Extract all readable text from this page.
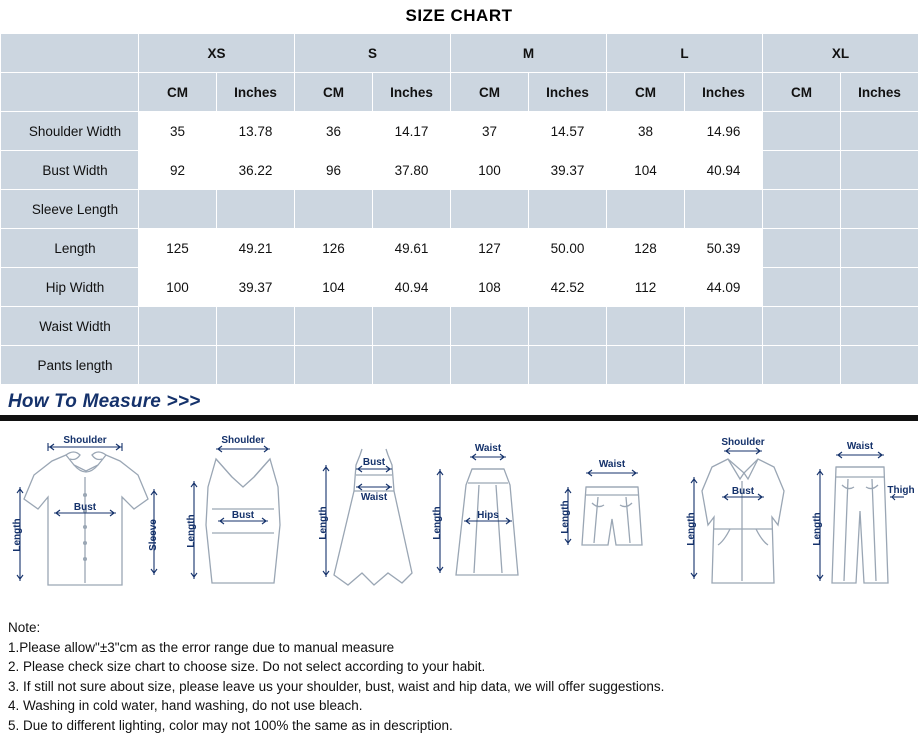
SIZE CHART
	XS		S		M		L		XL	
	CM	Inches	CM	Inches	CM	Inches	CM	Inches	CM	Inches
Shoulder Width	35	13.78	36	14.17	37	14.57	38	14.96		
Bust Width	92	36.22	96	37.80	100	39.37	104	40.94		
Sleeve Length										
Length	125	49.21	126	49.61	127	50.00	128	50.39		
Hip Width	100	39.37	104	40.94	108	42.52	112	44.09		
Waist Width										
Pants length										
How To Measure >>>
Shoulder
Bust
Length	Sleeve
Shoulder
Bust
Length
Bust
Waist
Length
Waist
Hips
Length
Waist
Length
Shoulder
Bust
Length
Waist
Thigh
Length
Note:
1.Please allow"±3"cm as the error range due to manual measure
2. Please check size chart to choose size. Do not select according to your habit.
3. If still not sure about size, please leave us your shoulder, bust, waist and hip data, we will offer suggestions.
4. Washing in cold water, hand washing, do not use bleach.
5. Due to different lighting, color may not 100% the same as in description.
